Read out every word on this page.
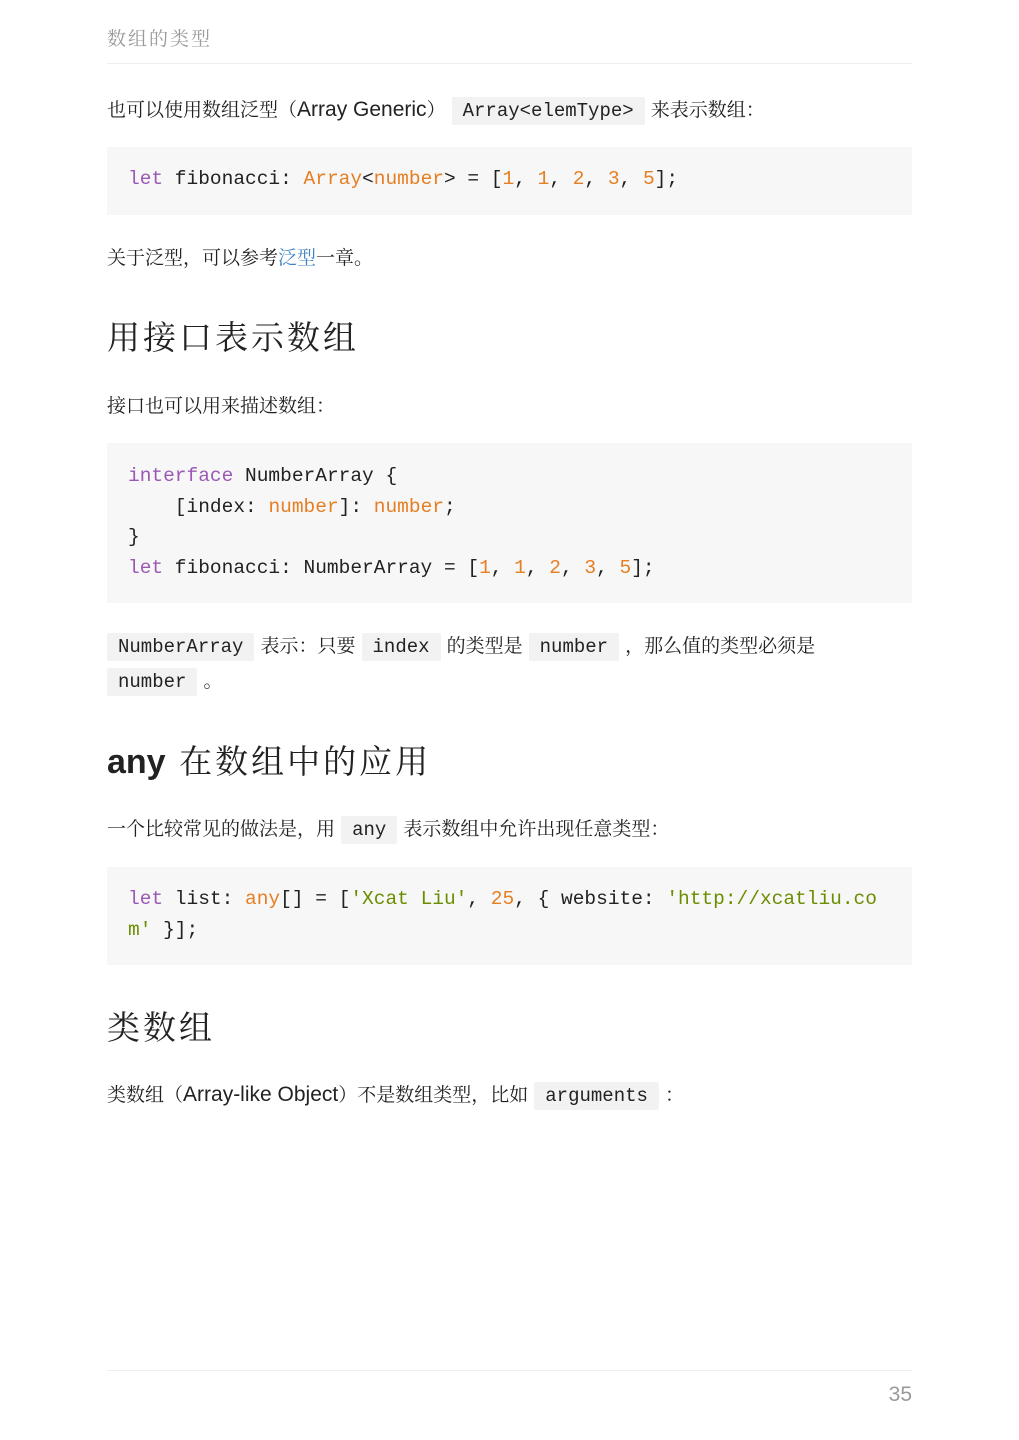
数组的类型
也可以使用数组泛型（Array Generic） Array<elemType> 来表示数组：
let fibonacci: Array<number> = [1, 1, 2, 3, 5];
关于泛型，可以参考泛型一章。
用接口表示数组
接口也可以用来描述数组：
interface NumberArray {
[index: number]: number;
}
let fibonacci: NumberArray = [1, 1, 2, 3, 5];
NumberArray 表示：只要 index 的类型是 number ，那么值的类型必须是
number 。
any 在数组中的应用
一个比较常见的做法是，用 any 表示数组中允许出现任意类型：
let list: any[] = ['Xcat Liu', 25, { website: 'http://xcatliu.co
m' }];
类数组
类数组（Array-like Object）不是数组类型，比如 arguments ：
35
